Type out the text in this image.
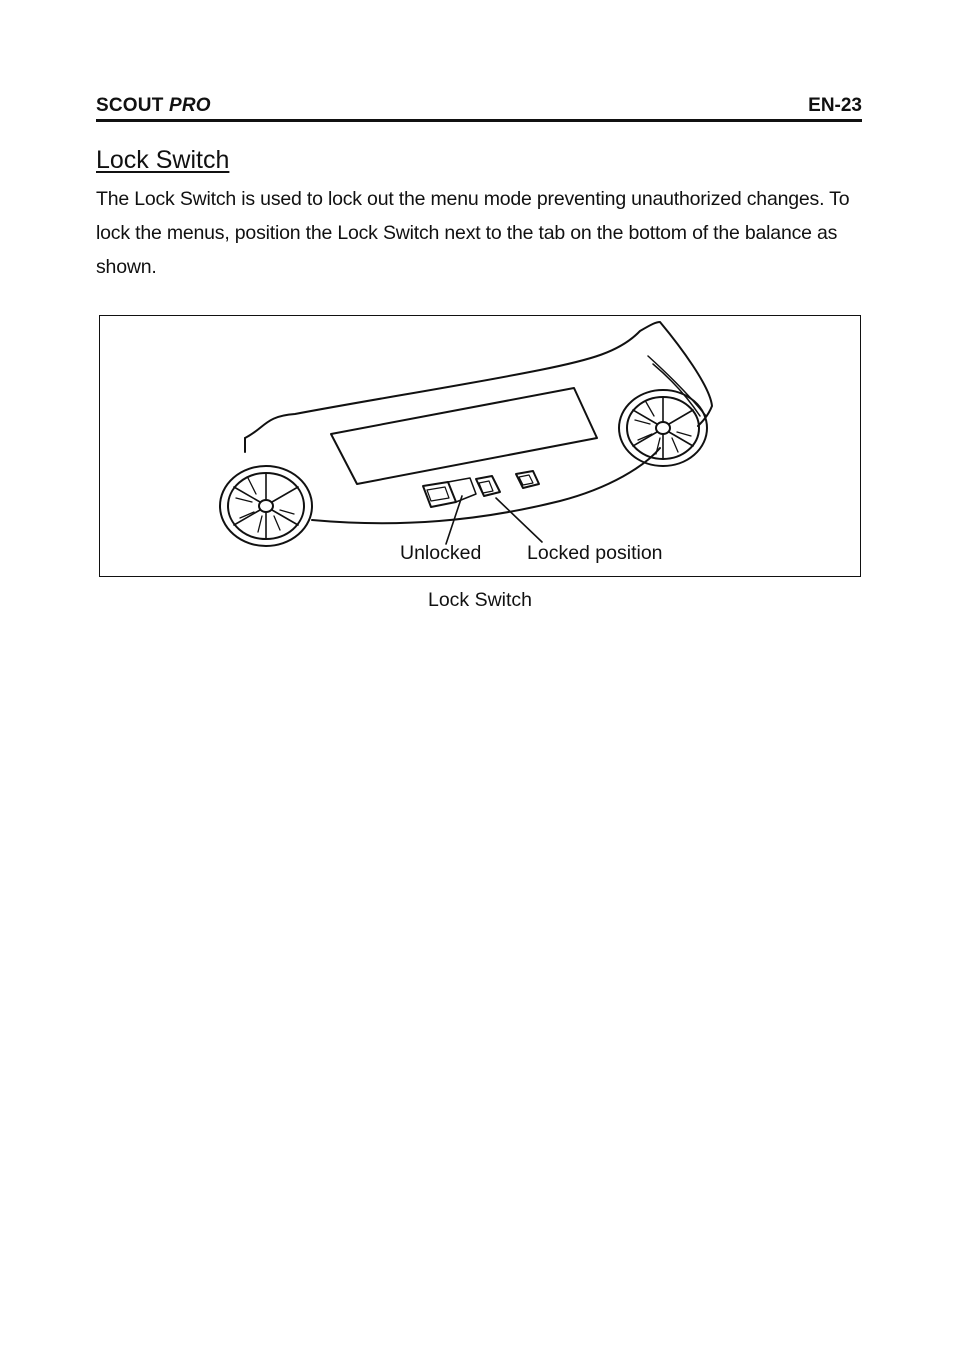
SCOUT PRO	EN-23
Lock Switch

The Lock Switch is used to lock out the menu mode preventing unauthorized changes. To lock the menus, position the Lock Switch next to the tab on the bottom of the balance as shown.

Unlocked Locked position
Lock Switch
